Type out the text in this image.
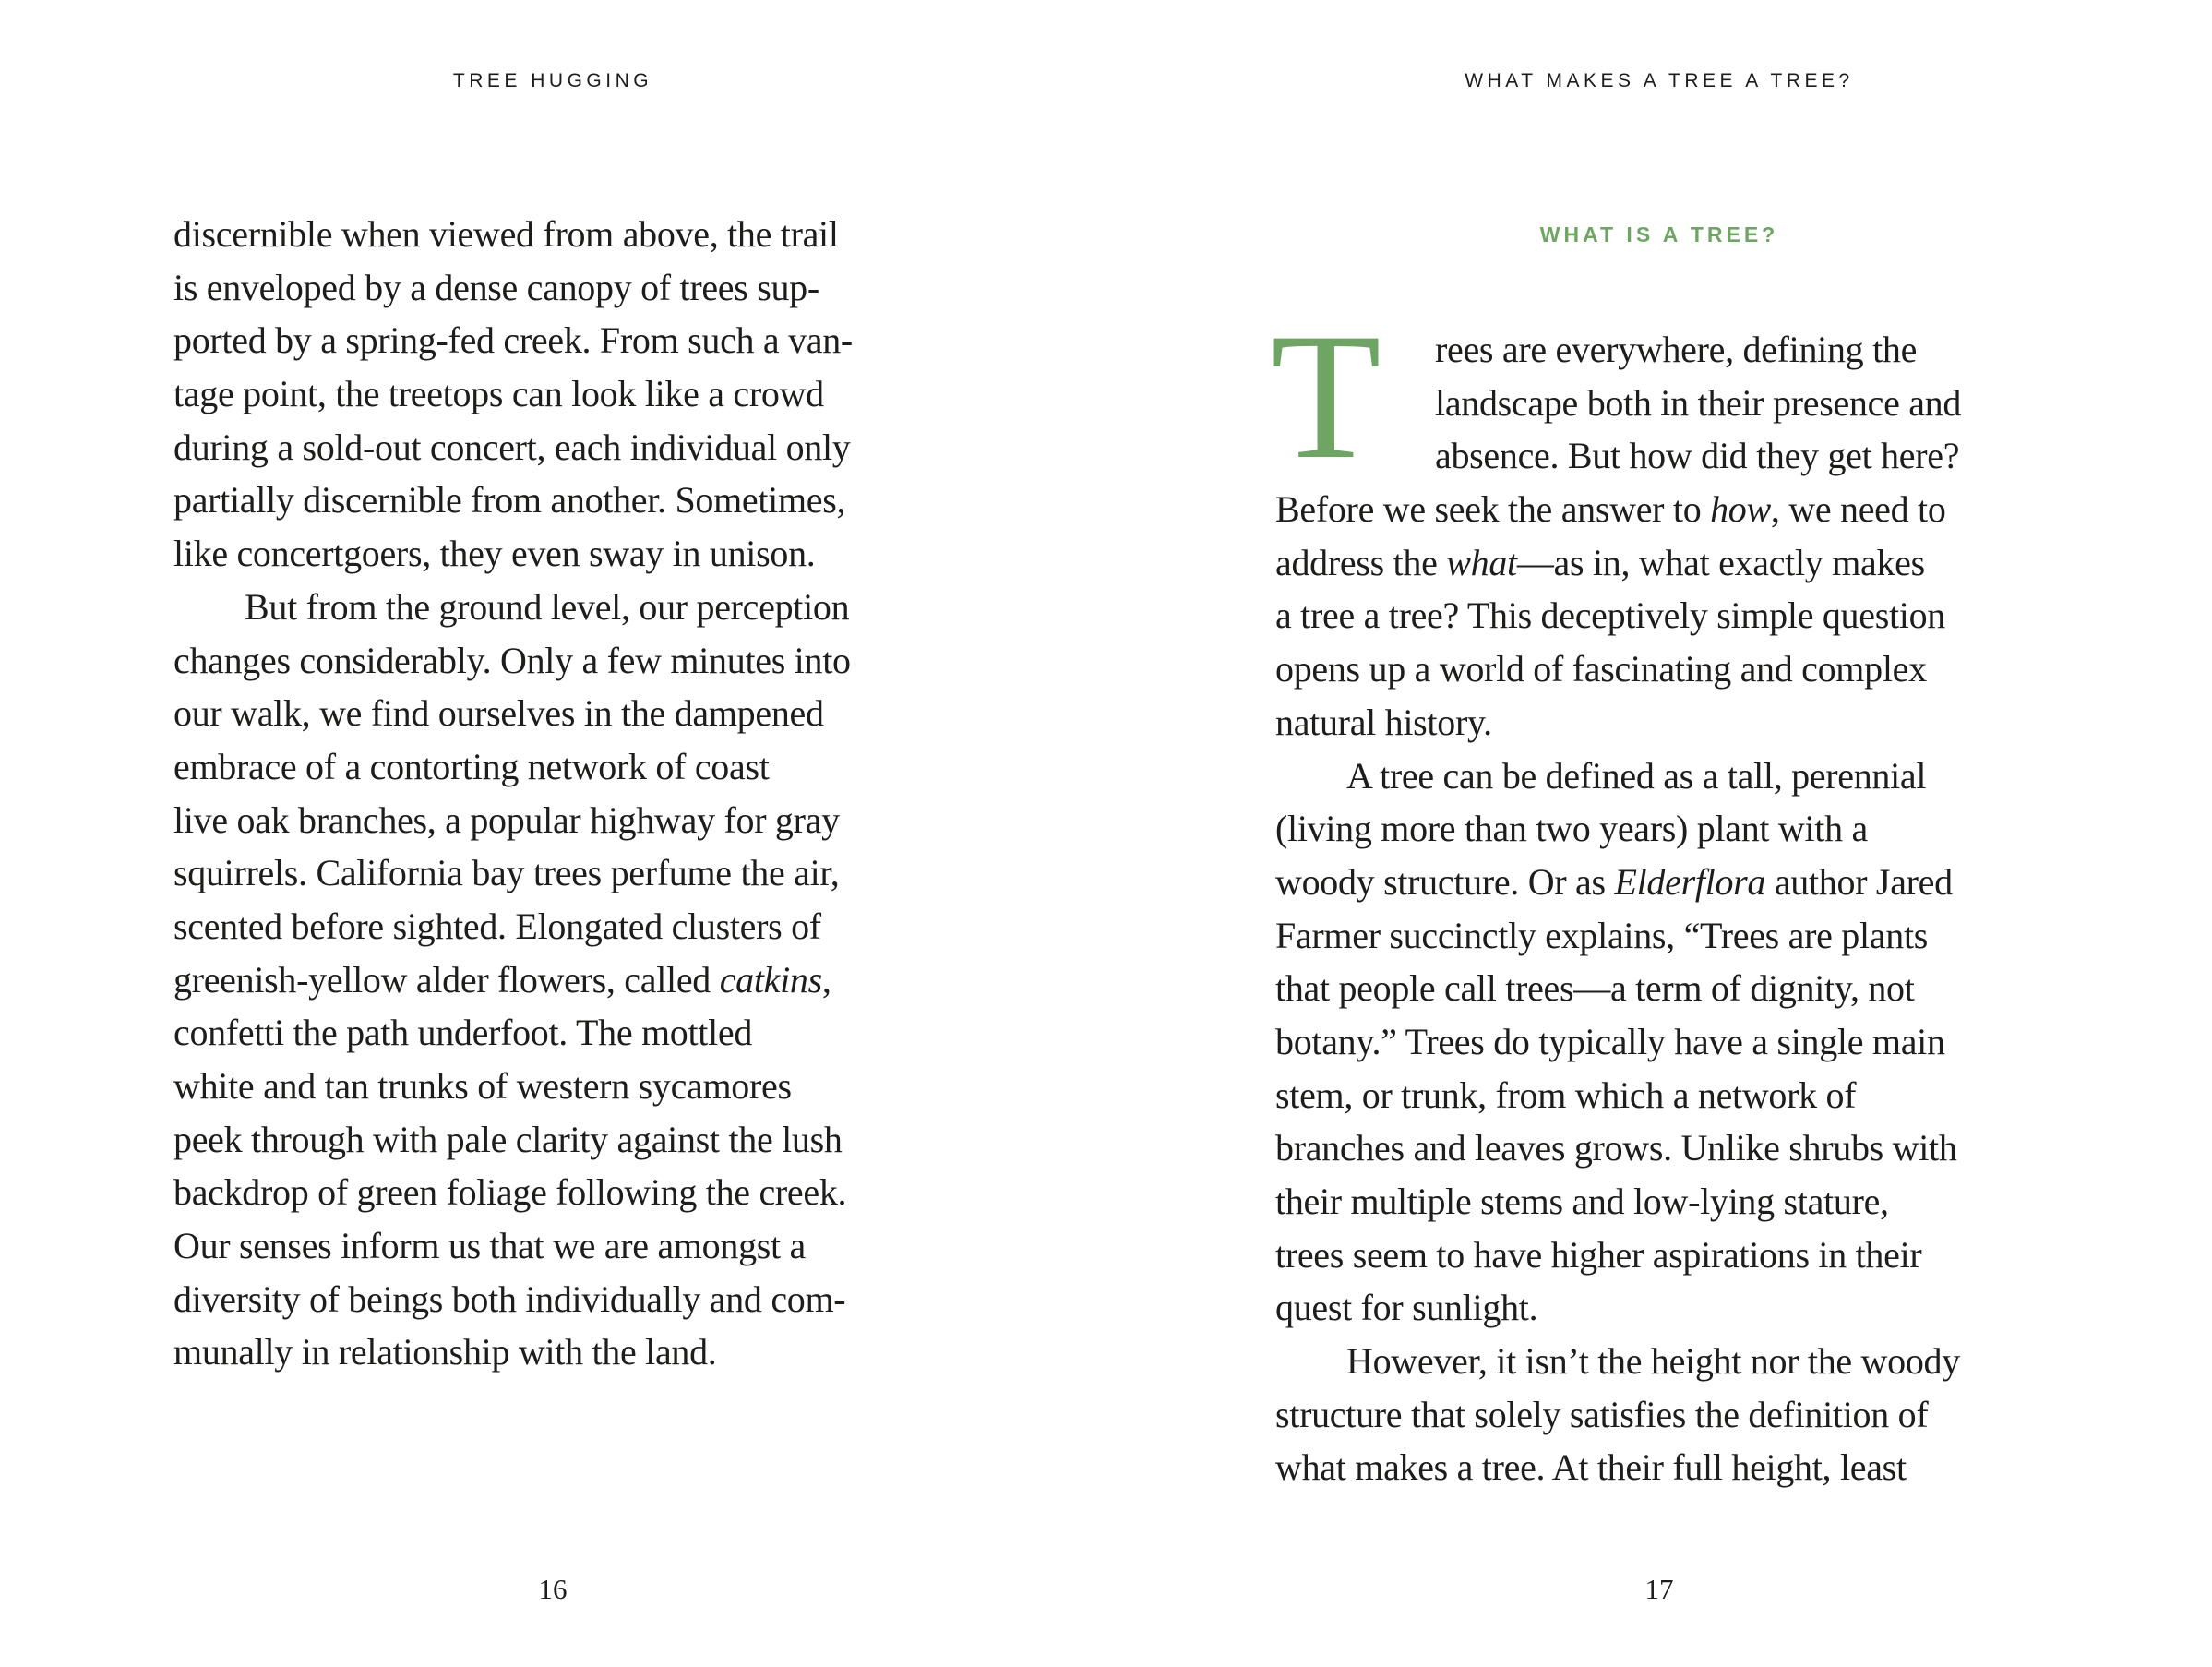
TREE HUGGING
discernible when viewed from above, the trail
is enveloped by a dense canopy of trees sup-
ported by a spring-fed creek. From such a van-
tage point, the treetops can look like a crowd
during a sold-out concert, each individual only
partially discernible from another. Sometimes,
like concertgoers, they even sway in unison.
But from the ground level, our perception
changes considerably. Only a few minutes into
our walk, we find ourselves in the dampened
embrace of a contorting network of coast
live oak branches, a popular highway for gray
squirrels. California bay trees perfume the air,
scented before sighted. Elongated clusters of
greenish-yellow alder flowers, called catkins,
confetti the path underfoot. The mottled
white and tan trunks of western sycamores
peek through with pale clarity against the lush
backdrop of green foliage following the creek.
Our senses inform us that we are amongst a
diversity of beings both individually and com-
munally in relationship with the land.
16
WHAT MAKES A TREE A TREE?
WHAT IS A TREE?
T	rees are everywhere, defining the
landscape both in their presence and
absence. But how did they get here?
Before we seek the answer to how, we need to
address the what—as in, what exactly makes
a tree a tree? This deceptively simple question
opens up a world of fascinating and complex
natural history.
A tree can be defined as a tall, perennial
(living more than two years) plant with a
woody structure. Or as Elderflora author Jared
Farmer succinctly explains, “Trees are plants
that people call trees—a term of dignity, not
botany.” Trees do typically have a single main
stem, or trunk, from which a network of
branches and leaves grows. Unlike shrubs with
their multiple stems and low-lying stature,
trees seem to have higher aspirations in their
quest for sunlight.
However, it isn’t the height nor the woody
structure that solely satisfies the definition of
what makes a tree. At their full height, least
17
